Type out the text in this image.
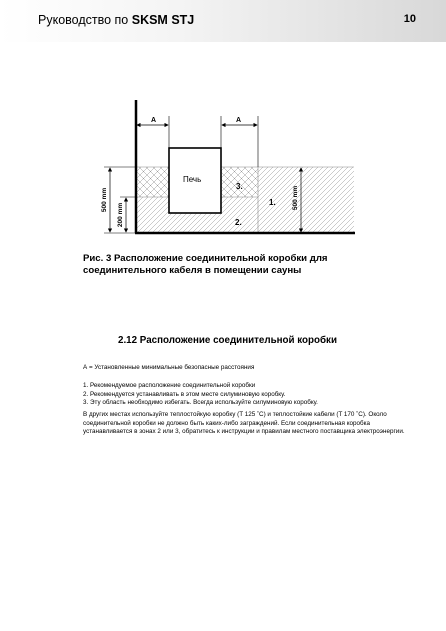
Руководство по SKSM STJ	10
A	A
500 mm
200 mm
500 mm
Печь
3.
1.
2.
Рис. 3 Расположение соединительной коробки для соединительного кабеля в помещении сауны
2.12 Расположение соединительной коробки

А = Установленные минимальные безопасные расстояния

1. Рекомендуемое расположение соединительной коробки

2. Рекомендуется устанавливать в этом месте силуминовую коробку.

3. Эту область необходимо избегать. Всегда используйте силуминовую коробку.

В других местах используйте теплостойкую коробку (T 125 ˚C) и теплостойкие кабели (T 170 ˚C). Около соединительной коробки не должно быть каких-либо заграждений. Если соединительная коробка устанавливается в зонах 2 или 3, обратитесь к инструкции и правилам местного поставщика электроэнергии.
